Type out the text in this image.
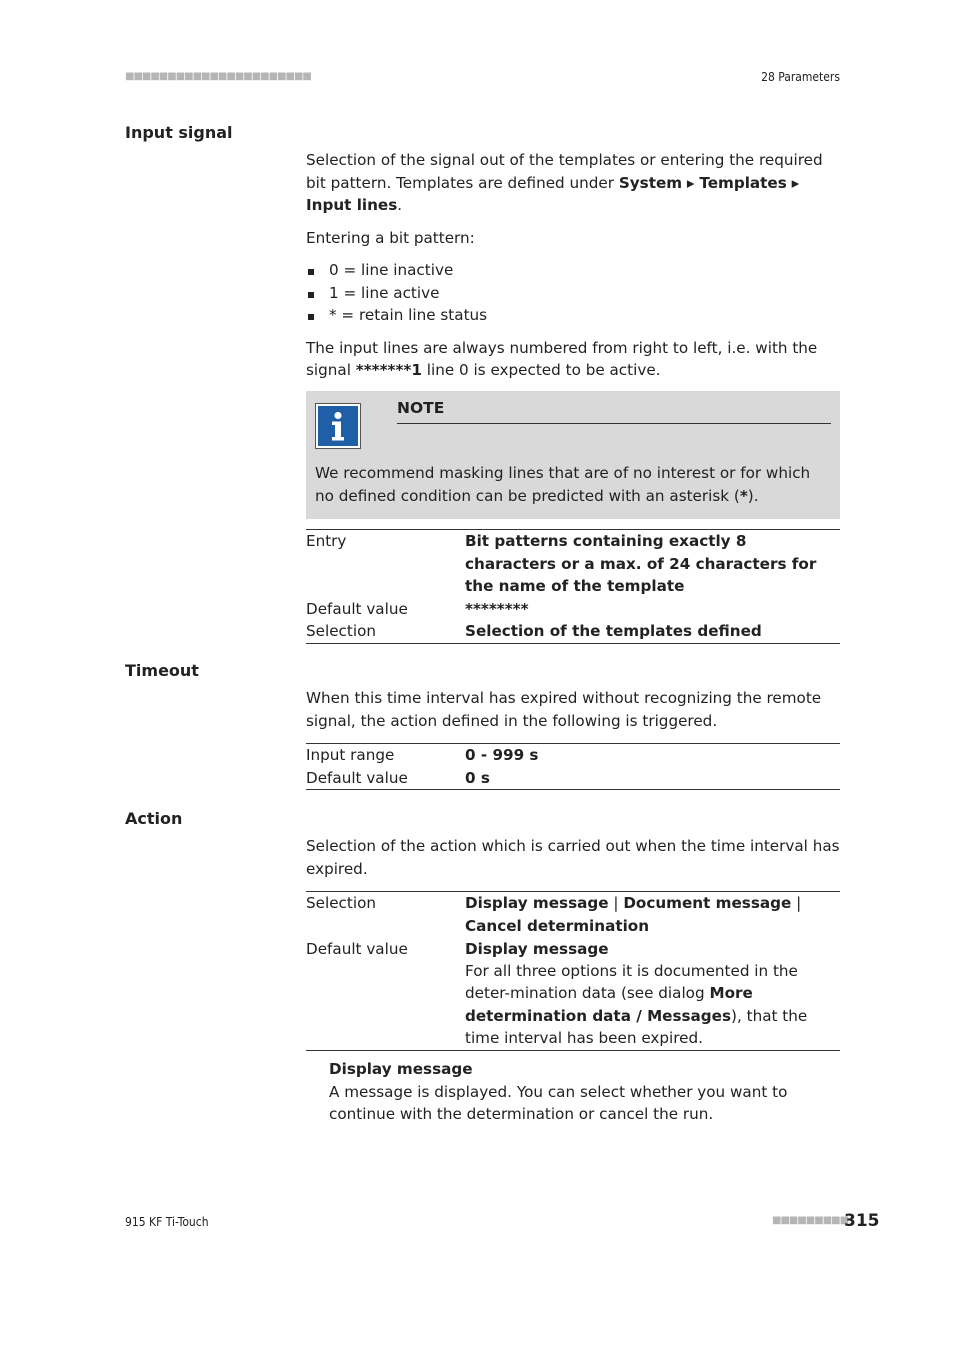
■■■■■■■■■■■■■■■■■■■■■■	28 Parameters
Input signal

Selection of the signal out of the templates or entering the required bit pattern. Templates are defined under System ▸ Templates ▸ Input lines.

Entering a bit pattern:

0 = line inactive
1 = line active
* = retain line status

The input lines are always numbered from right to left, i.e. with the signal *******1 line 0 is expected to be active.

NOTE
We recommend masking lines that are of no interest or for which no defined condition can be predicted with an asterisk (*).
Entry	Bit patterns containing exactly 8 characters or a max. of 24 characters for the name of the template
Default value	********
Selection	Selection of the templates defined
Timeout
When this time interval has expired without recognizing the remote signal, the action defined in the following is triggered.
Input range	0 - 999 s
Default value	0 s
Action
Selection of the action which is carried out when the time interval has expired.
Selection	Display message | Document message | Cancel determination
Default value	Display message
For all three options it is documented in the deter-mination data (see dialog More determination data / Messages), that the time interval has been expired.
Display message
A message is displayed. You can select whether you want to continue with the determination or cancel the run.
915 KF Ti-Touch	■■■■■■■■■
315
